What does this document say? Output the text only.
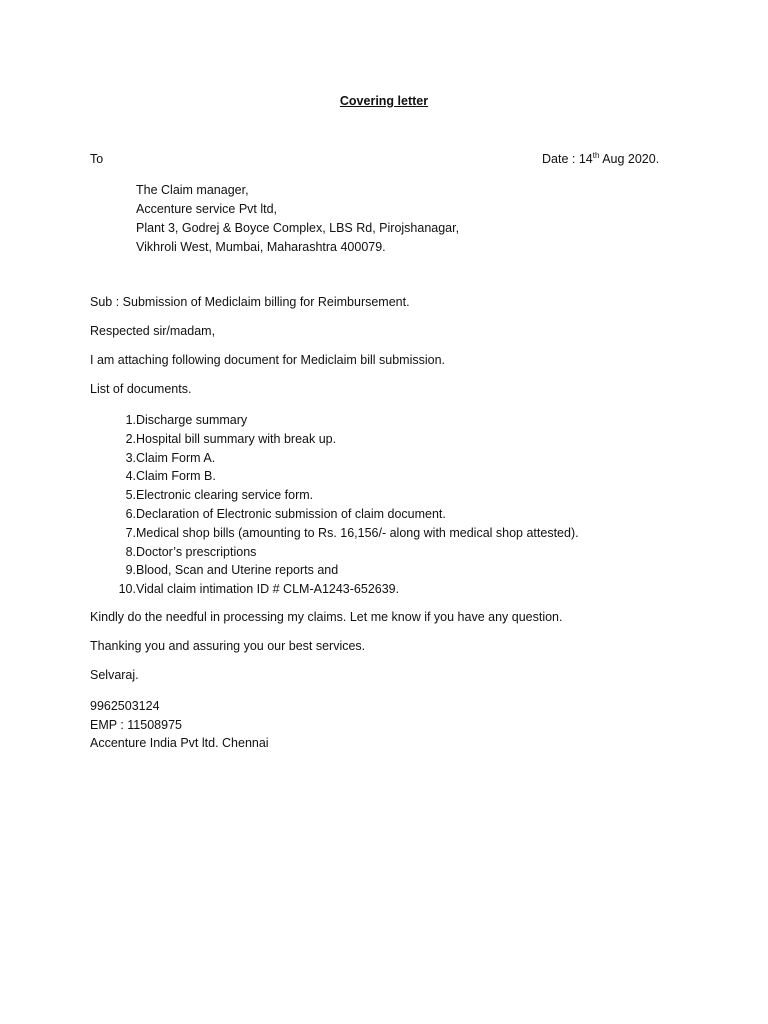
Covering letter
To	Date : 14th Aug 2020.
The Claim manager,
Accenture service Pvt ltd,
Plant 3, Godrej & Boyce Complex, LBS Rd, Pirojshanagar,
Vikhroli West, Mumbai, Maharashtra 400079.
Sub : Submission of Mediclaim billing for Reimbursement.
Respected sir/madam,
I am attaching following document for Mediclaim bill submission.
List of documents.
1. Discharge summary
2. Hospital bill summary with break up.
3. Claim Form A.
4. Claim Form B.
5. Electronic clearing service form.
6. Declaration of Electronic submission of claim document.
7. Medical shop bills (amounting to Rs. 16,156/- along with medical shop attested).
8. Doctor’s prescriptions
9. Blood, Scan and Uterine reports and
10. Vidal claim intimation ID # CLM-A1243-652639.
Kindly do the needful in processing my claims. Let me know if you have any question.
Thanking you and assuring you our best services.
Selvaraj.
9962503124
EMP : 11508975
Accenture India Pvt ltd. Chennai
